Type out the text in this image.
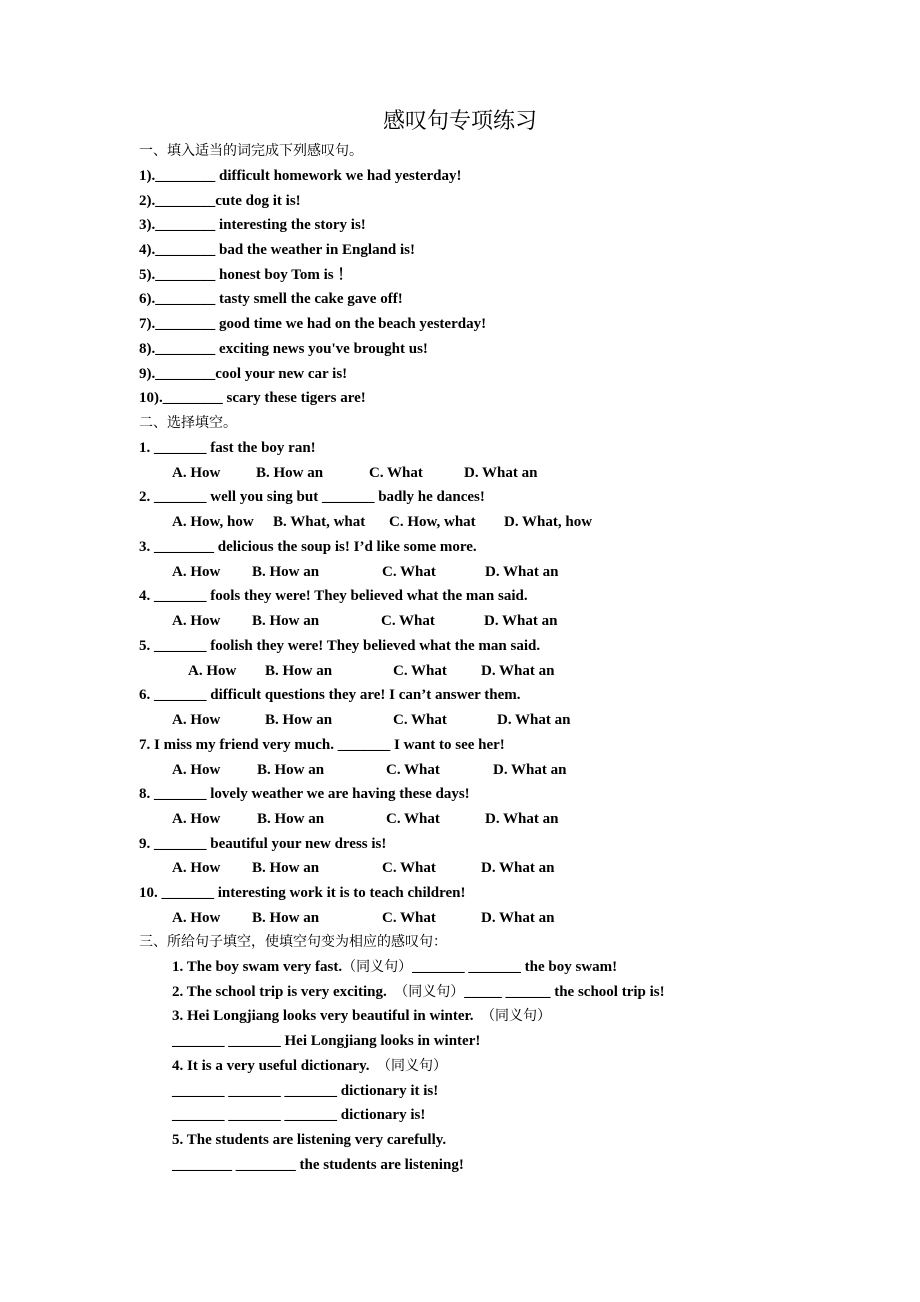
感叹句专项练习
一、填入适当的词完成下列感叹句。
1).________ difficult homework we had yesterday!
2).________cute dog it is!
3).________ interesting the story is!
4).________ bad the weather in England is!
5).________ honest boy Tom is ！
6).________ tasty smell the cake gave off!
7).________ good time we had on the beach yesterday!
8).________ exciting news you've brought us!
9).________cool your new car is!
10).________ scary these tigers are!
二、选择填空。
1. _______ fast the boy ran!
A. How B. How an	C. What	D. What an
2. _______ well you sing but _______ badly he dances!
A. How, how B. What, what C. How, what D. What, how
3. ________ delicious the soup is! I’d like some more.
A. How B. How an	C. What	D. What an
4. _______ fools they were! They believed what the man said.
A. How B. How an	C. What	D. What an
5. _______ foolish they were! They believed what the man said.
A. How B. How an	C. What D. What an
6. _______ difficult questions they are! I can’t answer them.
A. How	B. How an	C. What	D. What an
7. I miss my friend very much. _______ I want to see her!
A. How B. How an	C. What	D. What an
8. _______ lovely weather we are having these days!
A. How B. How an	C. What	D. What an
9. _______ beautiful your new dress is!
A. How B. How an	C. What	D. What an
10. _______ interesting work it is to teach children!
A. How B. How an	C. What	D. What an
三、所给句子填空，使填空句变为相应的感叹句：
1. The boy swam very fast.（同义句）_______ _______ the boy swam!
2. The school trip is very exciting.  （同义句）_____ ______ the school trip is!
3. Hei Longjiang looks very beautiful in winter.  （同义句）
_______ _______ Hei Longjiang looks in winter!
4. It is a very useful dictionary.  （同义句）
_______ _______ _______ dictionary it is!
_______ _______ _______ dictionary is!
5. The students are listening very carefully.
________ ________ the students are listening!
